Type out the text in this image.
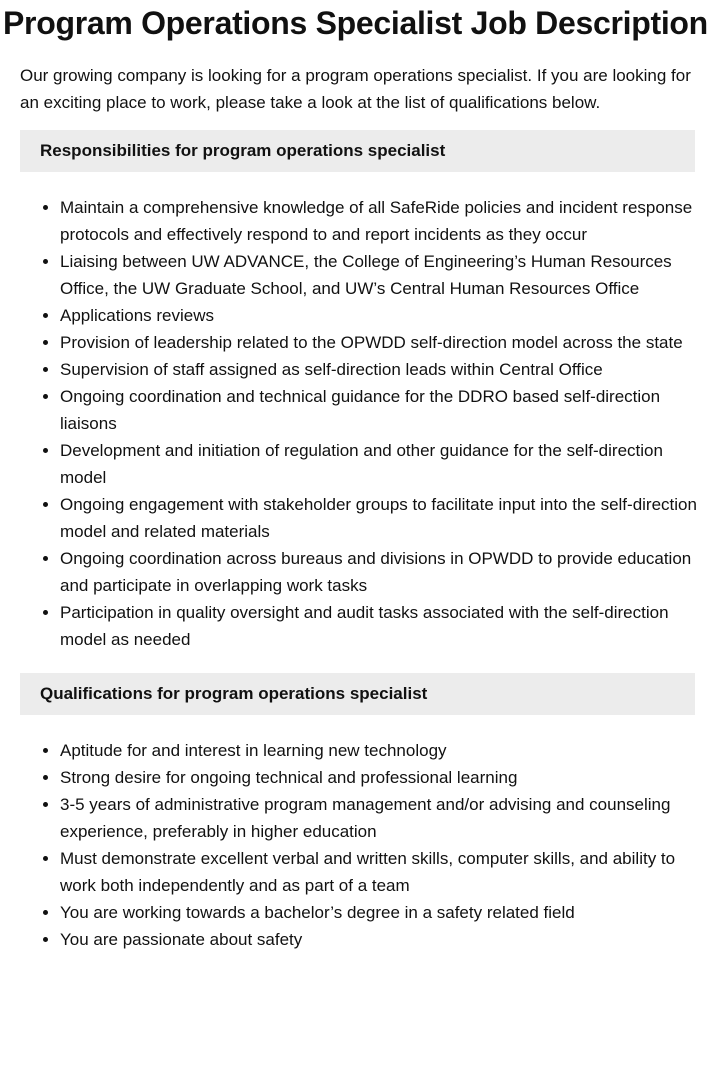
Program Operations Specialist Job Description

Our growing company is looking for a program operations specialist. If you are looking for an exciting place to work, please take a look at the list of qualifications below.

Responsibilities for program operations specialist
• Maintain a comprehensive knowledge of all SafeRide policies and incident response protocols and effectively respond to and report incidents as they occur
• Liaising between UW ADVANCE, the College of Engineering’s Human Resources Office, the UW Graduate School, and UW’s Central Human Resources Office
• Applications reviews
• Provision of leadership related to the OPWDD self-direction model across the state
• Supervision of staff assigned as self-direction leads within Central Office
• Ongoing coordination and technical guidance for the DDRO based self-direction liaisons
• Development and initiation of regulation and other guidance for the self-direction model
• Ongoing engagement with stakeholder groups to facilitate input into the self-direction model and related materials
• Ongoing coordination across bureaus and divisions in OPWDD to provide education and participate in overlapping work tasks
• Participation in quality oversight and audit tasks associated with the self-direction model as needed
Qualifications for program operations specialist
• Aptitude for and interest in learning new technology
• Strong desire for ongoing technical and professional learning
• 3-5 years of administrative program management and/or advising and counseling experience, preferably in higher education
• Must demonstrate excellent verbal and written skills, computer skills, and ability to work both independently and as part of a team
• You are working towards a bachelor’s degree in a safety related field
• You are passionate about safety
